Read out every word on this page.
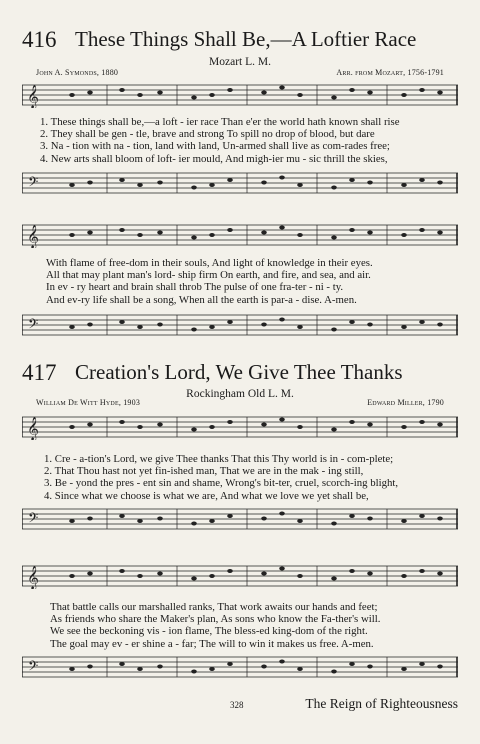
416 These Things Shall Be,—A Loftier Race
Mozart L. M.
John A. Symonds, 1880	Arr. from Mozart, 1756-1791
1. These things shall be,—a loft - ier race Than e'er the world hath known shall rise
2. They shall be gen - tle, brave and strong To spill no drop of blood, but dare
3. Na - tion with na - tion, land with land, Un-armed shall live as com-rades free;
4. New arts shall bloom of loft- ier mould, And migh-ier mu - sic thrill the skies,
With flame of free-dom in their souls, And light of knowledge in their eyes.
All that may plant man's lord- ship firm On earth, and fire, and sea, and air.
In ev - ry heart and brain shall throb The pulse of one fra-ter - ni - ty.
And ev-ry life shall be a song, When all the earth is par-a - dise. A-men.
417 Creation's Lord, We Give Thee Thanks
Rockingham Old L. M.
William De Witt Hyde, 1903	Edward Miller, 1790
1. Cre - a-tion's Lord, we give Thee thanks That this Thy world is in - com-plete;
2. That Thou hast not yet fin-ished man, That we are in the mak - ing still,
3. Be - yond the pres - ent sin and shame, Wrong's bit-ter, cruel, scorch-ing blight,
4. Since what we choose is what we are, And what we love we yet shall be,
That battle calls our marshalled ranks, That work awaits our hands and feet;
As friends who share the Maker's plan, As sons who know the Fa-ther's will.
We see the beckoning vis - ion flame, The bless-ed king-dom of the right.
The goal may ev - er shine a - far; The will to win it makes us free. A-men.
328	The Reign of Righteousness
